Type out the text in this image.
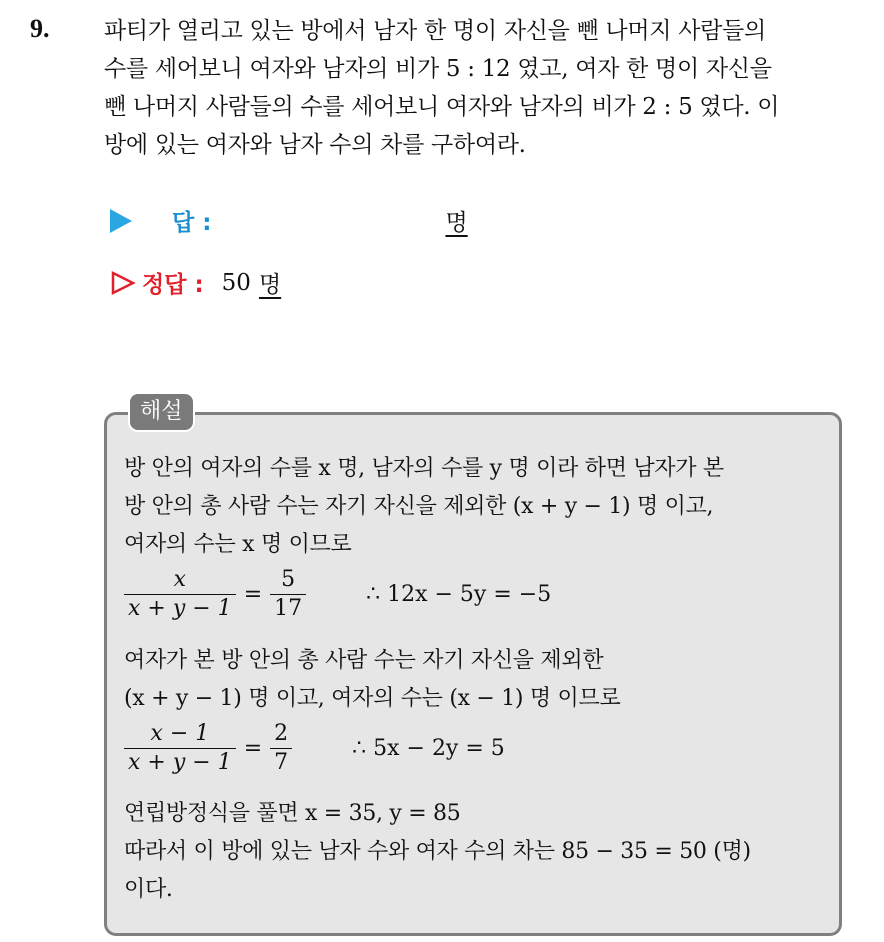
9. 파티가 열리고 있는 방에서 남자 한 명이 자신을 뺀 나머지 사람들의
수를 세어보니 여자와 남자의 비가 5 : 12 였고, 여자 한 명이 자신을
뺀 나머지 사람들의 수를 세어보니 여자와 남자의 비가 2 : 5 였다. 이
방에 있는 여자와 남자 수의 차를 구하여라.
답 :	명
정답 : 50 명
해설
방 안의 여자의 수를 x 명, 남자의 수를 y 명 이라 하면 남자가 본
방 안의 총 사람 수는 자기 자신을 제외한 (x + y − 1) 명 이고,
여자의 수는 x 명 이므로
$\frac{x}{x + y - 1} = \frac{5}{17}$	∴ 12x − 5y = −5
여자가 본 방 안의 총 사람 수는 자기 자신을 제외한
(x + y − 1) 명 이고, 여자의 수는 (x − 1) 명 이므로
$\frac{x - 1}{x + y - 1} = \frac{2}{7}$	∴ 5x − 2y = 5
연립방정식을 풀면 x = 35, y = 85
따라서 이 방에 있는 남자 수와 여자 수의 차는 85 − 35 = 50 (명)
이다.
